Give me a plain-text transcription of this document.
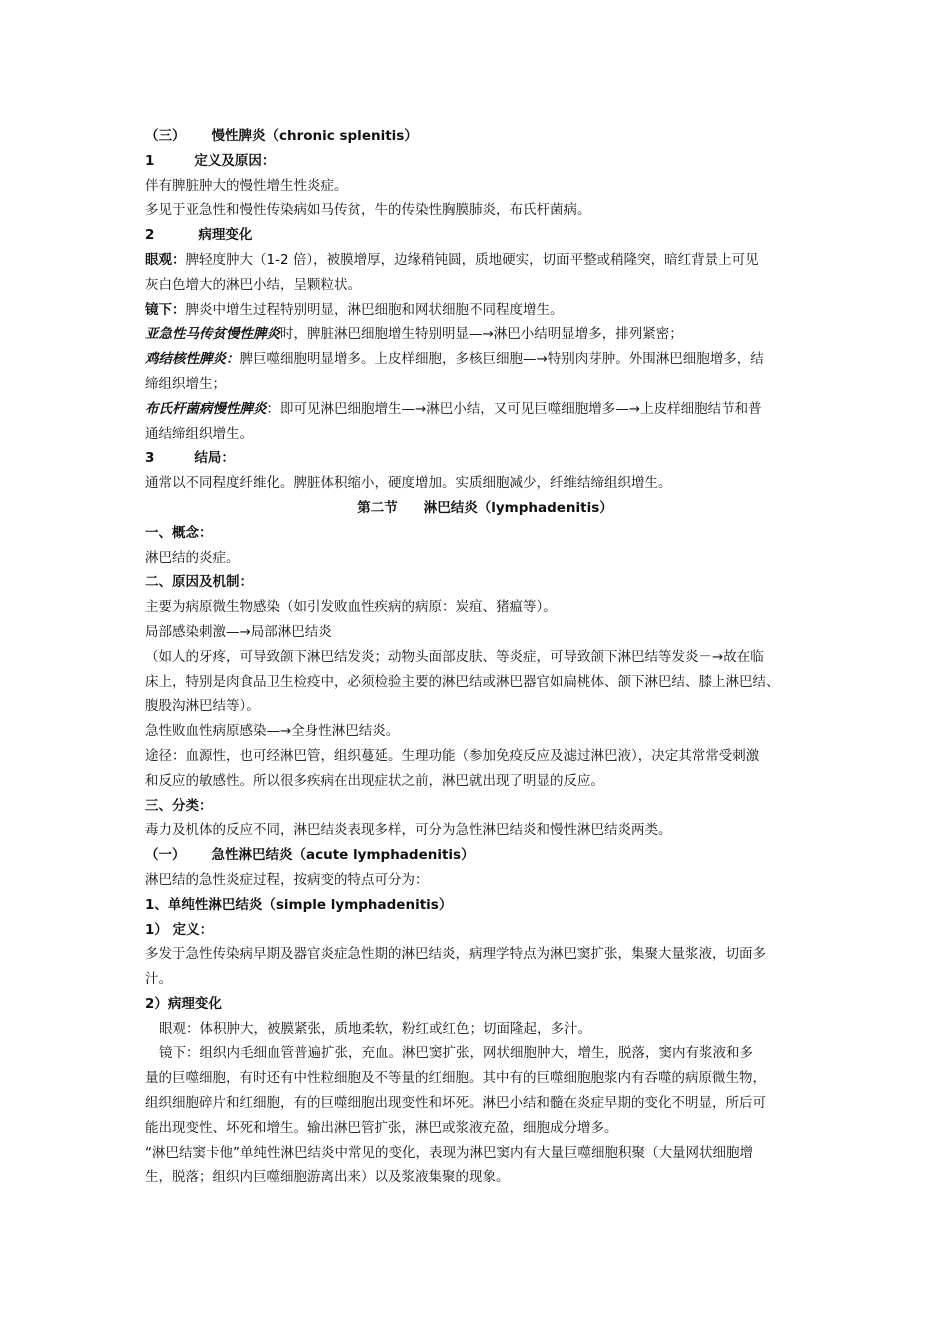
（三） 慢性脾炎（chronic splenitis）
1	定义及原因：
伴有脾脏肿大的慢性增生性炎症。
多见于亚急性和慢性传染病如马传贫，牛的传染性胸膜肺炎，布氏杆菌病。
2	病理变化
眼观：脾轻度肿大（1-2 倍），被膜增厚，边缘稍钝圆，质地硬实，切面平整或稍隆突，暗红背景上可见
灰白色增大的淋巴小结，呈颗粒状。
镜下：脾炎中增生过程特别明显，淋巴细胞和网状细胞不同程度增生。
亚急性马传贫慢性脾炎时，脾脏淋巴细胞增生特别明显—→淋巴小结明显增多，排列紧密；
鸡结核性脾炎：脾巨噬细胞明显增多。上皮样细胞，多核巨细胞—→特别肉芽肿。外围淋巴细胞增多，结
缔组织增生；
布氏杆菌病慢性脾炎：即可见淋巴细胞增生—→淋巴小结，又可见巨噬细胞增多—→上皮样细胞结节和普
通结缔组织增生。
3	结局：
通常以不同程度纤维化。脾脏体积缩小，硬度增加。实质细胞减少，纤维结缔组织增生。
第二节 淋巴结炎（lymphadenitis）
一、概念：
淋巴结的炎症。
二、原因及机制：
主要为病原微生物感染（如引发败血性疾病的病原：炭疽、猪瘟等）。
局部感染刺激—→局部淋巴结炎
（如人的牙疼，可导致颌下淋巴结发炎；动物头面部皮肤、等炎症，可导致颌下淋巴结等发炎－→故在临
床上，特别是肉食品卫生检疫中，必须检验主要的淋巴结或淋巴器官如扁桃体、颌下淋巴结、膝上淋巴结、
腹股沟淋巴结等）。
急性败血性病原感染—→全身性淋巴结炎。
途径：血源性，也可经淋巴管，组织蔓延。生理功能（参加免疫反应及滤过淋巴液），决定其常常受刺激
和反应的敏感性。所以很多疾病在出现症状之前，淋巴就出现了明显的反应。
三、分类：
毒力及机体的反应不同，淋巴结炎表现多样，可分为急性淋巴结炎和慢性淋巴结炎两类。
（一） 急性淋巴结炎（acute lymphadenitis）
淋巴结的急性炎症过程，按病变的特点可分为：
1、单纯性淋巴结炎（simple lymphadenitis）
1） 定义：
多发于急性传染病早期及器官炎症急性期的淋巴结炎，病理学特点为淋巴窦扩张，集聚大量浆液，切面多
汁。
2）病理变化
眼观：体积肿大，被膜紧张，质地柔软，粉红或红色；切面隆起，多汁。
镜下：组织内毛细血管普遍扩张，充血。淋巴窦扩张，网状细胞肿大，增生，脱落，窦内有浆液和多
量的巨噬细胞，有时还有中性粒细胞及不等量的红细胞。其中有的巨噬细胞胞浆内有吞噬的病原微生物，
组织细胞碎片和红细胞，有的巨噬细胞出现变性和坏死。淋巴小结和髓在炎症早期的变化不明显，所后可
能出现变性、坏死和增生。输出淋巴管扩张，淋巴或浆液充盈，细胞成分增多。
“淋巴结窦卡他”单纯性淋巴结炎中常见的变化，表现为淋巴窦内有大量巨噬细胞积聚（大量网状细胞增
生，脱落；组织内巨噬细胞游离出来）以及浆液集聚的现象。
